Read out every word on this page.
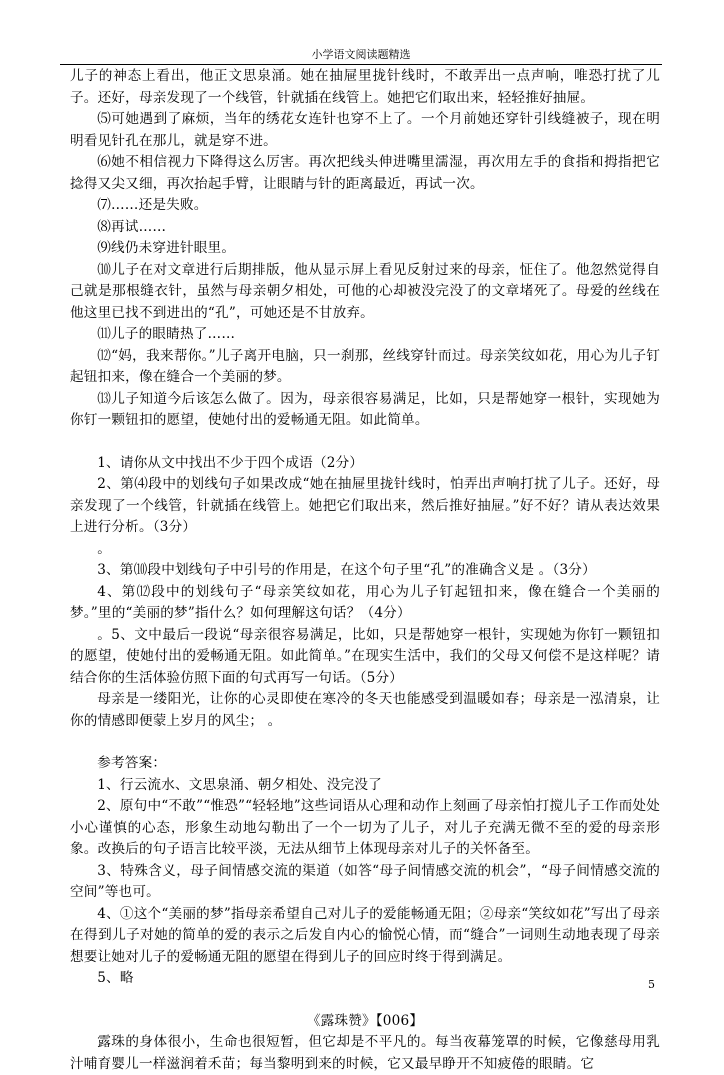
小学语文阅读题精选

儿子的神态上看出，他正文思泉涌。她在抽屉里拢针线时，不敢弄出一点声响，唯恐打扰了儿子。还好，母亲发现了一个线管，针就插在线管上。她把它们取出来，轻轻推好抽屉。

⑸可她遇到了麻烦，当年的绣花女连针也穿不上了。一个月前她还穿针引线缝被子，现在明明看见针孔在那儿，就是穿不进。

⑹她不相信视力下降得这么厉害。再次把线头伸进嘴里濡湿，再次用左手的食指和拇指把它捻得又尖又细，再次抬起手臂，让眼睛与针的距离最近，再试一次。

⑺……还是失败。

⑻再试……

⑼线仍未穿进针眼里。

⑽儿子在对文章进行后期排版，他从显示屏上看见反射过来的母亲，怔住了。他忽然觉得自己就是那根缝衣针，虽然与母亲朝夕相处，可他的心却被没完没了的文章堵死了。母爱的丝线在他这里已找不到进出的“孔”，可她还是不甘放弃。

⑾儿子的眼睛热了……

⑿“妈，我来帮你。”儿子离开电脑，只一刹那，丝线穿针而过。母亲笑纹如花，用心为儿子钉起钮扣来，像在缝合一个美丽的梦。

⒀儿子知道今后该怎么做了。因为，母亲很容易满足，比如，只是帮她穿一根针，实现她为你钉一颗钮扣的愿望，使她付出的爱畅通无阻。如此简单。

1、请你从文中找出不少于四个成语（2分）

2、第⑷段中的划线句子如果改成“她在抽屉里拢针线时，怕弄出声响打扰了儿子。还好，母亲发现了一个线管，针就插在线管上。她把它们取出来，然后推好抽屉。”好不好？请从表达效果上进行分析。（3分）

。

3、第⑽段中划线句子中引号的作用是，在这个句子里“孔”的准确含义是 。（3分）

4、第⑿段中的划线句子“母亲笑纹如花，用心为儿子钉起钮扣来，像在缝合一个美丽的梦。”里的“美丽的梦”指什么？如何理解这句话？（4分）

。5、文中最后一段说“母亲很容易满足，比如，只是帮她穿一根针，实现她为你钉一颗钮扣的愿望，使她付出的爱畅通无阻。如此简单。”在现实生活中，我们的父母又何偿不是这样呢？请结合你的生活体验仿照下面的句式再写一句话。（5分）

母亲是一缕阳光，让你的心灵即使在寒冷的冬天也能感受到温暖如春；母亲是一泓清泉，让你的情感即便蒙上岁月的风尘； 。

参考答案：

1、行云流水、文思泉涌、朝夕相处、没完没了

2、原句中“不敢”“惟恐”“轻轻地”这些词语从心理和动作上刻画了母亲怕打搅儿子工作而处处小心谨慎的心态，形象生动地勾勒出了一个一切为了儿子，对儿子充满无微不至的爱的母亲形象。改换后的句子语言比较平淡，无法从细节上体现母亲对儿子的关怀备至。

3、特殊含义，母子间情感交流的渠道（如答“母子间情感交流的机会”，“母子间情感交流的空间”等也可。

4、①这个“美丽的梦”指母亲希望自己对儿子的爱能畅通无阻；②母亲“笑纹如花”写出了母亲在得到儿子对她的简单的爱的表示之后发自内心的愉悦心情，而“缝合”一词则生动地表现了母亲想要让她对儿子的爱畅通无阻的愿望在得到儿子的回应时终于得到满足。

5、略

《露珠赞》【006】

露珠的身体很小，生命也很短暂，但它却是不平凡的。每当夜幕笼罩的时候，它像慈母用乳汁哺育婴儿一样滋润着禾苗；每当黎明到来的时候，它又最早睁开不知疲倦的眼睛。它

5
